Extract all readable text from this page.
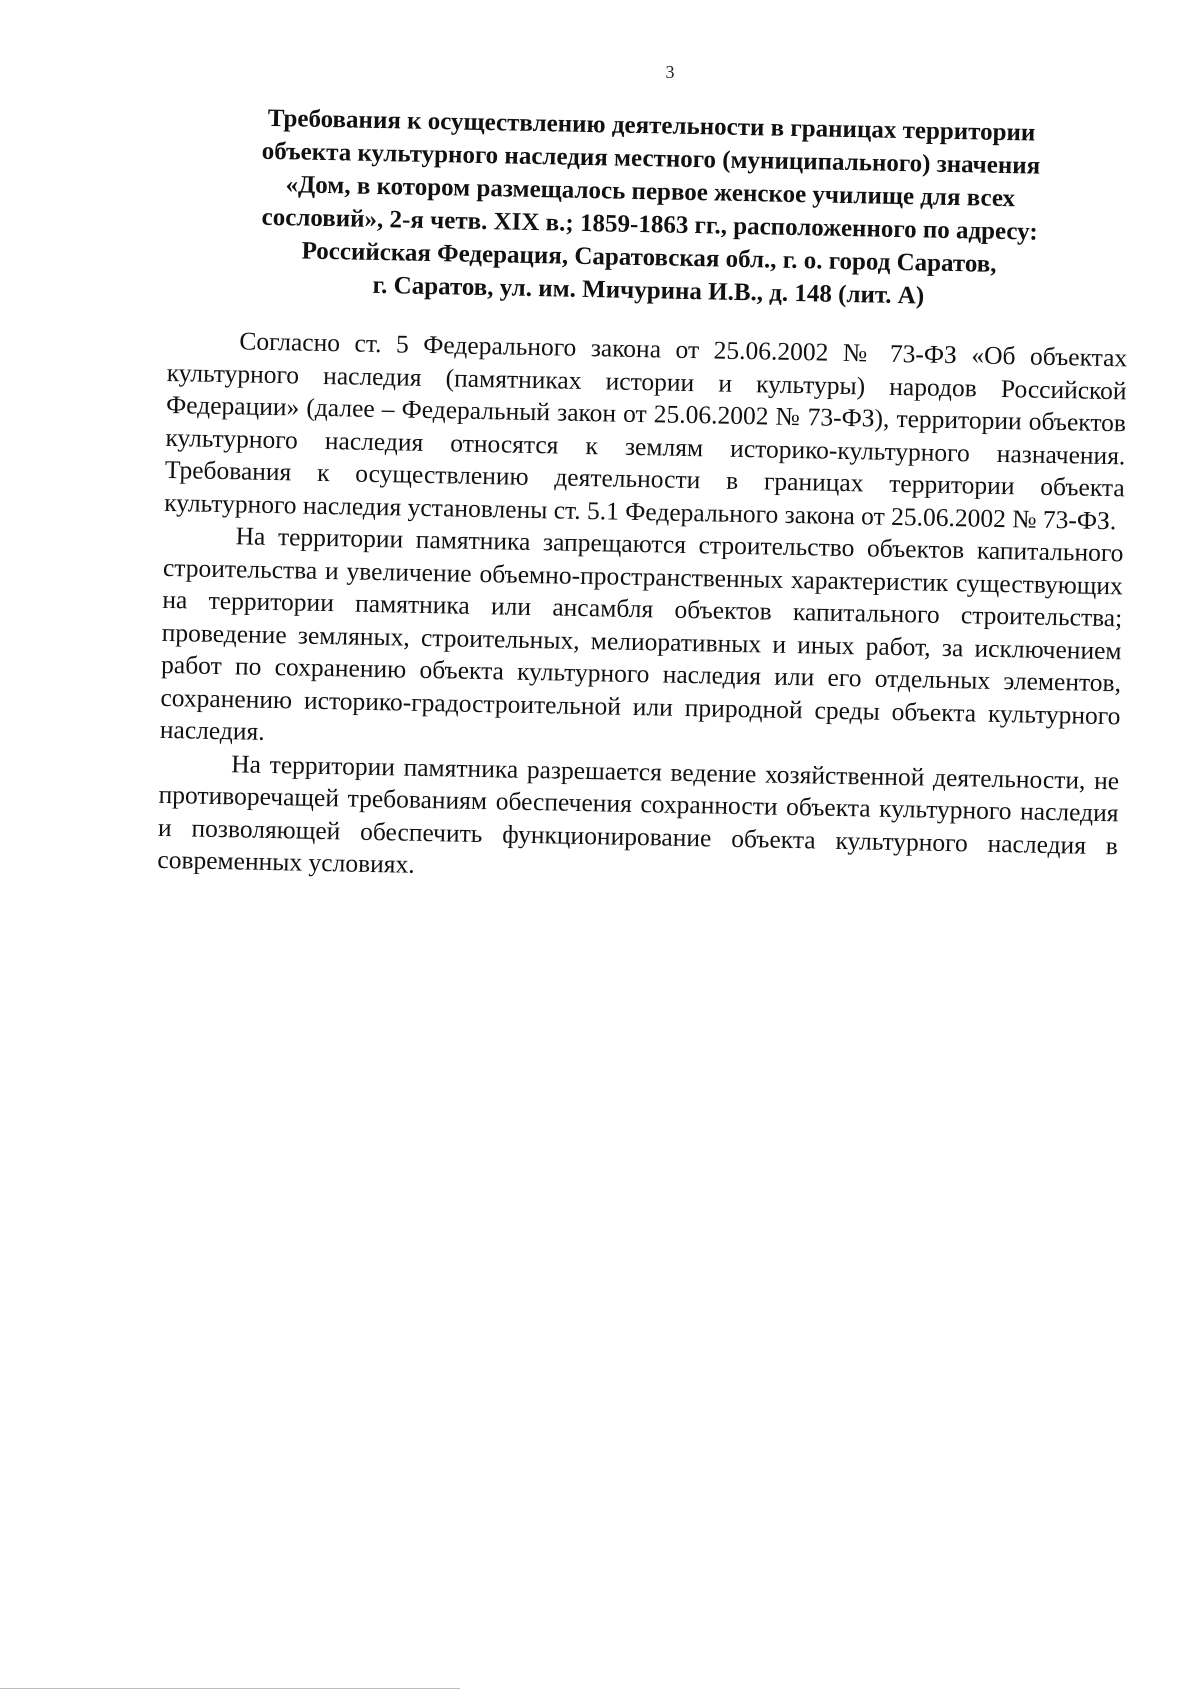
3
Требования к осуществлению деятельности в границах территории
объекта культурного наследия местного (муниципального) значения
«Дом, в котором размещалось первое женское училище для всех
сословий», 2-я четв. XIX в.; 1859-1863 гг., расположенного по адресу:
Российская Федерация, Саратовская обл., г. о. город Саратов,
г. Саратов, ул. им. Мичурина И.В., д. 148 (лит. А)

Согласно ст. 5 Федерального закона от 25.06.2002 № 73-ФЗ «Об объектах культурного наследия (памятниках истории и культуры) народов Российской Федерации» (далее – Федеральный закон от 25.06.2002 № 73-ФЗ), территории объектов культурного наследия относятся к землям историко-культурного назначения. Требования к осуществлению деятельности в границах территории объекта культурного наследия установлены ст. 5.1 Федерального закона от 25.06.2002 № 73-ФЗ.

На территории памятника запрещаются строительство объектов капитального строительства и увеличение объемно-пространственных характеристик существующих на территории памятника или ансамбля объектов капитального строительства; проведение земляных, строительных, мелиоративных и иных работ, за исключением работ по сохранению объекта культурного наследия или его отдельных элементов, сохранению историко-градостроительной или природной среды объекта культурного наследия.

На территории памятника разрешается ведение хозяйственной деятельности, не противоречащей требованиям обеспечения сохранности объекта культурного наследия и позволяющей обеспечить функционирование объекта культурного наследия в современных условиях.
